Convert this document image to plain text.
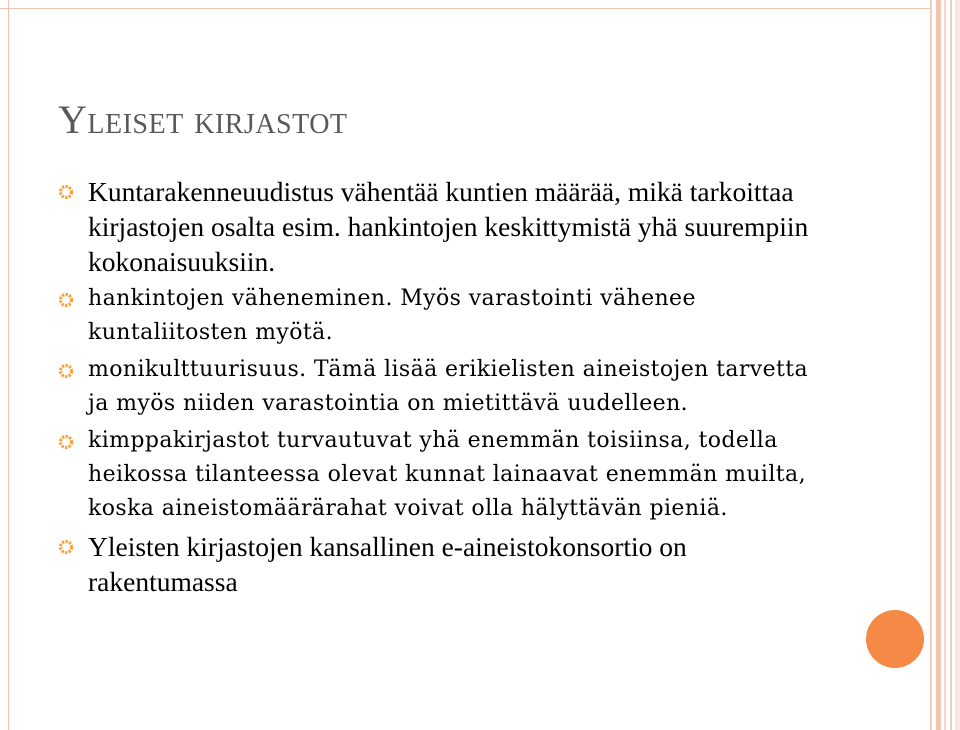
Yleiset kirjastot
Kuntarakenneuudistus vähentää kuntien määrää, mikä tarkoittaa kirjastojen osalta esim. hankintojen keskittymistä yhä suurempiin kokonaisuuksiin.
hankintojen väheneminen. Myös varastointi vähenee kuntaliitosten myötä.
monikulttuurisuus. Tämä lisää erikielisten aineistojen tarvetta ja myös niiden varastointia on mietittävä uudelleen.
kimppakirjastot turvautuvat yhä enemmän toisiinsa, todella heikossa tilanteessa olevat kunnat lainaavat enemmän muilta, koska aineistomäärärahat voivat olla hälyttävän pieniä.
Yleisten kirjastojen kansallinen e-aineistokonsortio on rakentumassa
